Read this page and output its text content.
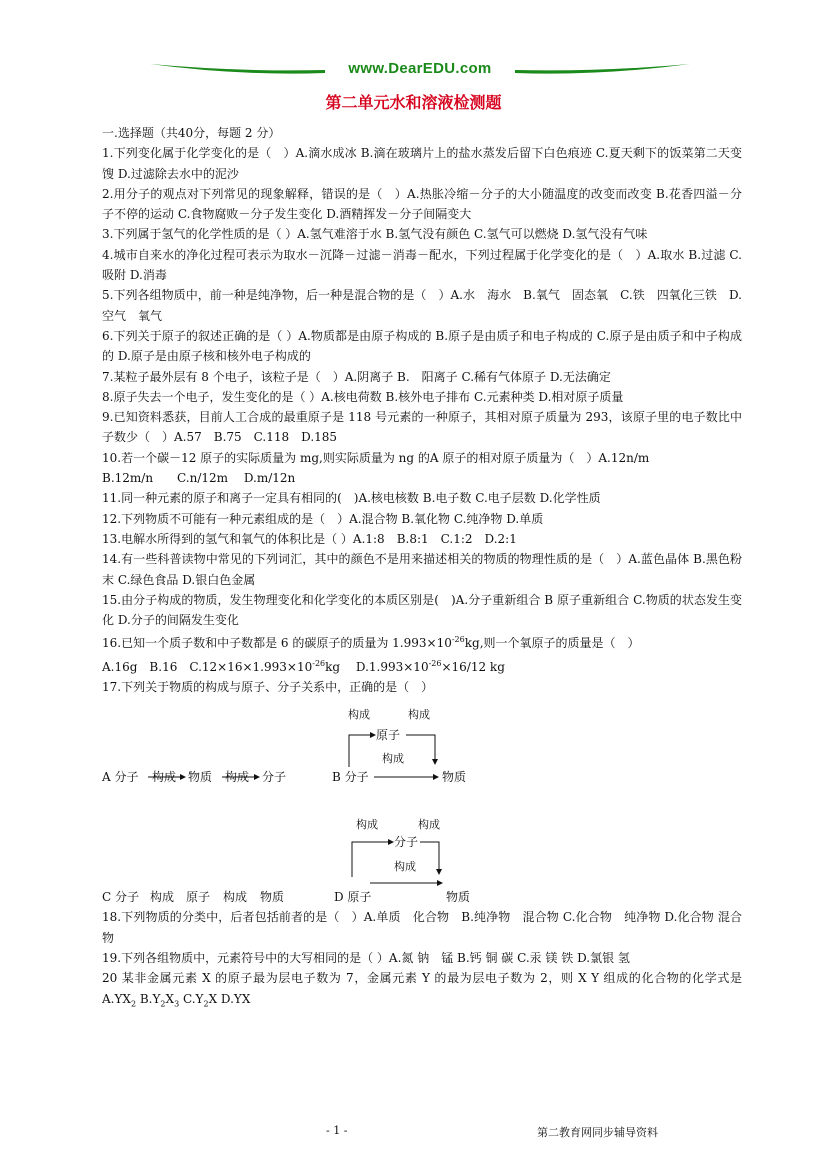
www.DearEDU.com
第二单元水和溶液检测题

一.选择题（共40分，每题 2 分）

1.下列变化属于化学变化的是（　）A.滴水成冰 B.滴在玻璃片上的盐水蒸发后留下白色痕迹 C.夏天剩下的饭菜第二天变馊 D.过滤除去水中的泥沙

2.用分子的观点对下列常见的现象解释，错误的是（　）A.热胀冷缩－分子的大小随温度的改变而改变 B.花香四溢－分子不停的运动 C.食物腐败－分子发生变化 D.酒精挥发－分子间隔变大

3.下列属于氢气的化学性质的是（ ）A.氢气难溶于水 B.氢气没有颜色 C.氢气可以燃烧 D.氢气没有气味

4.城市自来水的净化过程可表示为取水－沉降－过滤－消毒－配水，下列过程属于化学变化的是（　）A.取水 B.过滤 C.吸附 D.消毒

5.下列各组物质中，前一种是纯净物，后一种是混合物的是（　）A.水　海水　B.氧气　固态氧　C.铁　四氧化三铁　D.空气　氧气

6.下列关于原子的叙述正确的是（ ）A.物质都是由原子构成的 B.原子是由质子和电子构成的 C.原子是由质子和中子构成的 D.原子是由原子核和核外电子构成的

7.某粒子最外层有 8 个电子，该粒子是（　）A.阴离子 B.　阳离子 C.稀有气体原子 D.无法确定

8.原子失去一个电子，发生变化的是（ ）A.核电荷数 B.核外电子排布 C.元素种类 D.相对原子质量

9.已知资料悉获，目前人工合成的最重原子是 118 号元素的一种原子，其相对原子质量为 293，该原子里的电子数比中子数少（　）A.57　B.75　C.118　D.185

10.若一个碳－12 原子的实际质量为 mg,则实际质量为 ng 的A 原子的相对原子质量为（　）A.12n/m

B.12m/n　　C.n/12m　 D.m/12n

11.同一种元素的原子和离子一定具有相同的(　)A.核电核数 B.电子数 C.电子层数 D.化学性质

12.下列物质不可能有一种元素组成的是（　）A.混合物 B.氧化物 C.纯净物 D.单质

13.电解水所得到的氢气和氧气的体积比是（ ）A.1:8　B.8:1　C.1:2　D.2:1

14.有一些科普读物中常见的下列词汇，其中的颜色不是用来描述相关的物质的物理性质的是（　）A.蓝色晶体 B.黑色粉末 C.绿色食品 D.银白色金属

15.由分子构成的物质，发生物理变化和化学变化的本质区别是(　)A.分子重新组合 B 原子重新组合 C.物质的状态发生变化 D.分子的间隔发生变化

16.已知一个质子数和中子数都是 6 的碳原子的质量为 $1.993\times 10^{-26}kg$,则一个氧原子的质量是（　）

A.16g　B.16　$C.12\times 16\times 1.993\times 10^{-26}kg$　 $D.1.993\times 10^{-26}\times 16/12$ kg

17.下列关于物质的构成与原子、分子关系中，正确的是（　）

A 分子 构成 物质 构成 分子
构成	构成
原子
构成
B 分子	物质
构成	构成
分子
构成
C 分子 构成 原子 构成 物质	D 原子	物质

18.下列物质的分类中，后者包括前者的是（　）A.单质　化合物　B.纯净物　混合物 C.化合物　纯净物 D.化合物 混合物

19.下列各组物质中，元素符号中的大写相同的是（ ）A.氮 钠　锰 B.钙 铜 碳 C.汞 镁 铁 D.氯银 氢

20 某非金属元素 X 的原子最为层电子数为 7，金属元素 Y 的最为层电子数为 2，则 X Y 组成的化合物的化学式是 $A.YX_2$ $B.Y_2X_3$ $C.Y_2X$ D.YX

- 1 -	第二教育网同步辅导资料
